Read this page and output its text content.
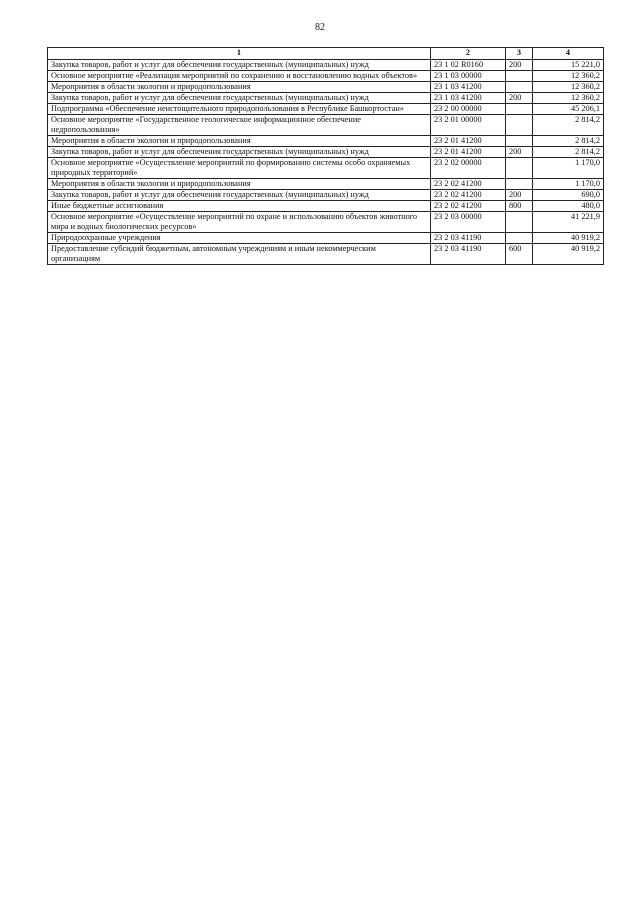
82
1	2	3	4
Закупка товаров, работ и услуг для обеспечения государственных (муниципальных) нужд	23 1 02 R0160	200	15 221,0
Основное мероприятие «Реализация мероприятий по сохранению и восстановлению водных объектов»	23 1 03 00000		12 360,2
Мероприятия в области экологии и природопользования	23 1 03 41200		12 360,2
Закупка товаров, работ и услуг для обеспечения государственных (муниципальных) нужд	23 1 03 41200	200	12 360,2
Подпрограмма «Обеспечение неистощительного природопользования в Республике Башкортостан»	23 2 00 00000		45 206,1
Основное мероприятие «Государственное геологическое информационное обеспечение недропользования»	23 2 01 00000		2 814,2
Мероприятия в области экологии и природопользования	23 2 01 41200		2 814,2
Закупка товаров, работ и услуг для обеспечения государственных (муниципальных) нужд	23 2 01 41200	200	2 814,2
Основное мероприятие «Осуществление мероприятий по формированию системы особо охраняемых природных территорий»	23 2 02 00000		1 170,0
Мероприятия в области экологии и природопользования	23 2 02 41200		1 170,0
Закупка товаров, работ и услуг для обеспечения государственных (муниципальных) нужд	23 2 02 41200	200	690,0
Иные бюджетные ассигнования	23 2 02 41200	800	480,0
Основное мероприятие «Осуществление мероприятий по охране и использованию объектов животного мира и водных биологических ресурсов»	23 2 03 00000		41 221,9
Природоохранные учреждения	23 2 03 41190		40 919,2
Предоставление субсидий бюджетным, автономным учреждениям и иным некоммерческим организациям	23 2 03 41190	600	40 919,2
